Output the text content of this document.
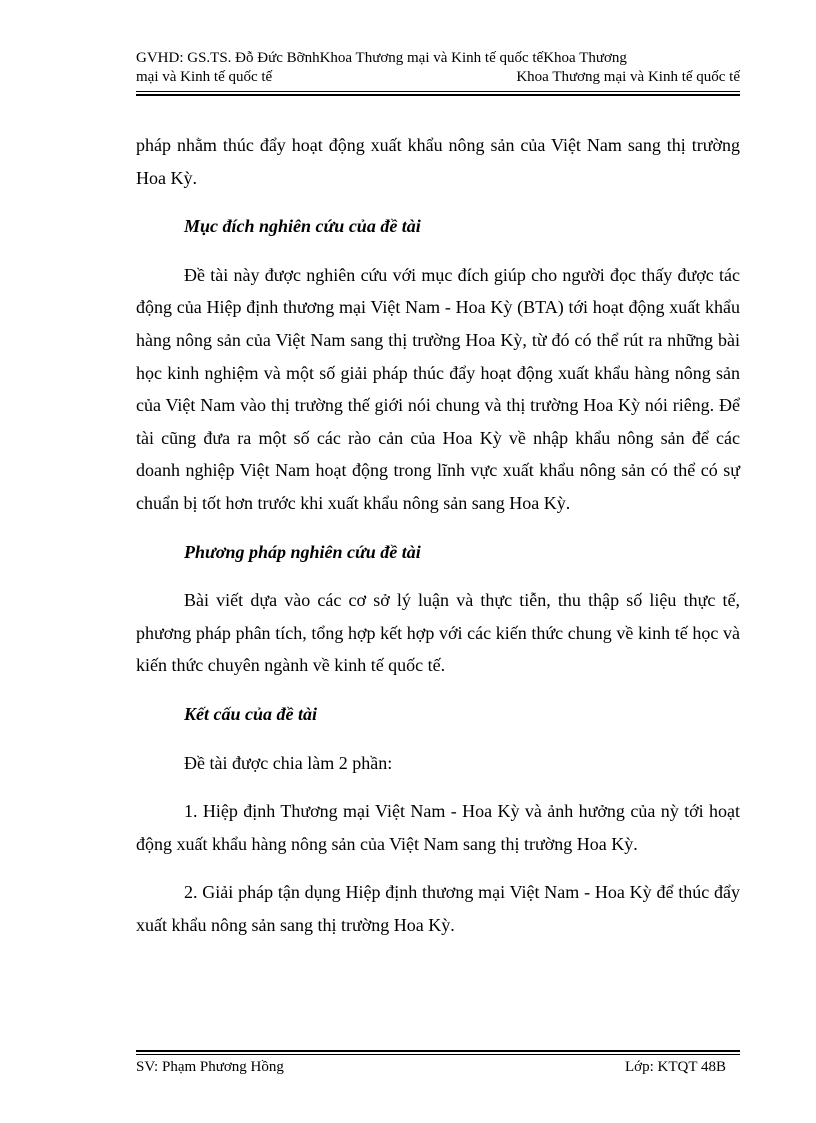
GVHD: GS.TS. Đỗ Đức BỡnhKhoa Thương mại và Kinh tế quốc tếKhoa Thương
mại và Kinh tế quốc tế	Khoa Thương mại và Kinh tế quốc tế

pháp nhằm thúc đẩy hoạt động xuất khẩu nông sản của Việt Nam sang thị trường Hoa Kỳ.

Mục đích nghiên cứu của đề tài

Đề tài này được nghiên cứu với mục đích giúp cho người đọc thấy được tác động của Hiệp định thương mại Việt Nam - Hoa Kỳ (BTA) tới hoạt động xuất khẩu hàng nông sản của Việt Nam sang thị trường Hoa Kỳ, từ đó có thể rút ra những bài học kinh nghiệm và một số giải pháp thúc đẩy hoạt động xuất khẩu hàng nông sản của Việt Nam vào thị trường thế giới nói chung và thị trường Hoa Kỳ nói riêng. Để tài cũng đưa ra một số các rào cản của Hoa Kỳ về nhập khẩu nông sản để các doanh nghiệp Việt Nam hoạt động trong lĩnh vực xuất khẩu nông sản có thể có sự chuẩn bị tốt hơn trước khi xuất khẩu nông sản sang Hoa Kỳ.

Phương pháp nghiên cứu đề tài

Bài viết dựa vào các cơ sở lý luận và thực tiễn, thu thập số liệu thực tế, phương pháp phân tích, tổng hợp kết hợp với các kiến thức chung về kinh tế học và kiến thức chuyên ngành về kinh tế quốc tế.

Kết cấu của đề tài

Đề tài được chia làm 2 phần:

1. Hiệp định Thương mại Việt Nam - Hoa Kỳ và ảnh hưởng của nỳ tới hoạt động xuất khẩu hàng nông sản của Việt Nam sang thị trường Hoa Kỳ.

2. Giải pháp tận dụng Hiệp định thương mại Việt Nam - Hoa Kỳ để thúc đẩy xuất khẩu nông sản sang thị trường Hoa Kỳ.

SV: Phạm Phương Hồng	Lớp: KTQT 48B
